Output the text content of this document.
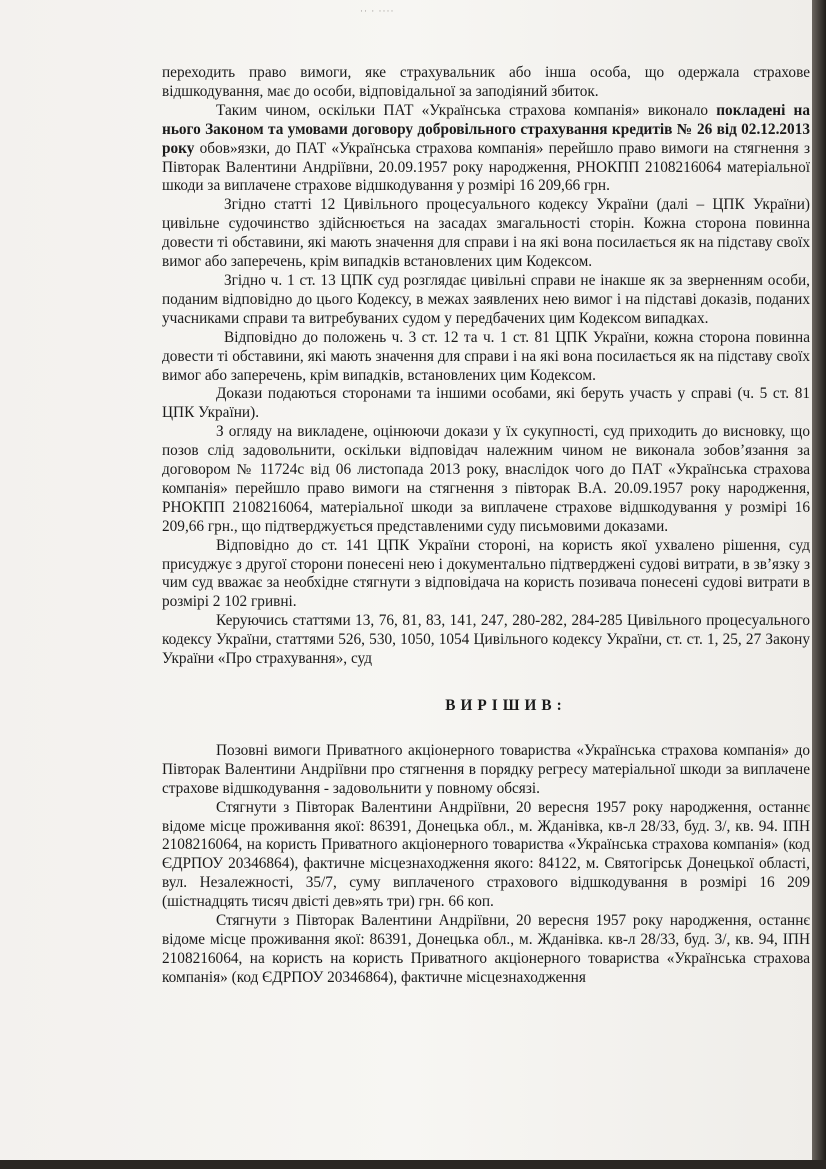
·· · ····

переходить право вимоги, яке страхувальник або інша особа, що одержала страхове відшкодування, має до особи, відповідальної за заподіяний збиток.

Таким чином, оскільки ПАТ «Українська страхова компанія» виконало покладені на нього Законом та умовами договору добровільного страхування кредитів № 26 від 02.12.2013 року обов»язки, до ПАТ «Українська страхова компанія» перейшло право вимоги на стягнення з Півторак Валентини Андріївни, 20.09.1957 року народження, РНОКПП 2108216064 матеріальної шкоди за виплачене страхове відшкодування у розмірі 16 209,66 грн.

Згідно статті 12 Цивільного процесуального кодексу України (далі – ЦПК України) цивільне судочинство здійснюється на засадах змагальності сторін. Кожна сторона повинна довести ті обставини, які мають значення для справи і на які вона посилається як на підставу своїх вимог або заперечень, крім випадків встановлених цим Кодексом.

Згідно ч. 1 ст. 13 ЦПК суд розглядає цивільні справи не інакше як за зверненням особи, поданим відповідно до цього Кодексу, в межах заявлених нею вимог і на підставі доказів, поданих учасниками справи та витребуваних судом у передбачених цим Кодексом випадках.

Відповідно до положень ч. 3 ст. 12 та ч. 1 ст. 81 ЦПК України, кожна сторона повинна довести ті обставини, які мають значення для справи і на які вона посилається як на підставу своїх вимог або заперечень, крім випадків, встановлених цим Кодексом.

Докази подаються сторонами та іншими особами, які беруть участь у справі (ч. 5 ст. 81 ЦПК України).

З огляду на викладене, оцінюючи докази у їх сукупності, суд приходить до висновку, що позов слід задовольнити, оскільки відповідач належним чином не виконала зобов’язання за договором № 11724с від 06 листопада 2013 року, внаслідок чого до ПАТ «Українська страхова компанія» перейшло право вимоги на стягнення з півторак В.А. 20.09.1957 року народження, РНОКПП 2108216064, матеріальної шкоди за виплачене страхове відшкодування у розмірі 16 209,66 грн., що підтверджується представленими суду письмовими доказами.

Відповідно до ст. 141 ЦПК України стороні, на користь якої ухвалено рішення, суд присуджує з другої сторони понесені нею і документально підтверджені судові витрати, в зв’язку з чим суд вважає за необхідне стягнути з відповідача на користь позивача понесені судові витрати в розмірі 2 102 гривні.

Керуючись статтями 13, 76, 81, 83, 141, 247, 280-282, 284-285 Цивільного процесуального кодексу України, статтями 526, 530, 1050, 1054 Цивільного кодексу України, ст. ст. 1, 25, 27 Закону України «Про страхування», суд

ВИРІШИВ:

Позовні вимоги Приватного акціонерного товариства «Українська страхова компанія» до Півторак Валентини Андріївни про стягнення в порядку регресу матеріальної шкоди за виплачене страхове відшкодування - задовольнити у повному обсязі.

Стягнути з Півторак Валентини Андріївни, 20 вересня 1957 року народження, останнє відоме місце проживання якої: 86391, Донецька обл., м. Жданівка, кв-л 28/33, буд. 3/, кв. 94. ІПН 2108216064, на користь Приватного акціонерного товариства «Українська страхова компанія» (код ЄДРПОУ 20346864), фактичне місцезнаходження якого: 84122, м. Святогірськ Донецької області, вул. Незалежності, 35/7, суму виплаченого страхового відшкодування в розмірі 16 209 (шістнадцять тисяч двісті дев»ять три) грн. 66 коп.

Стягнути з Півторак Валентини Андріївни, 20 вересня 1957 року народження, останнє відоме місце проживання якої: 86391, Донецька обл., м. Жданівка. кв-л 28/33, буд. 3/, кв. 94, ІПН 2108216064, на користь на користь Приватного акціонерного товариства «Українська страхова компанія» (код ЄДРПОУ 20346864), фактичне місцезнаходження
